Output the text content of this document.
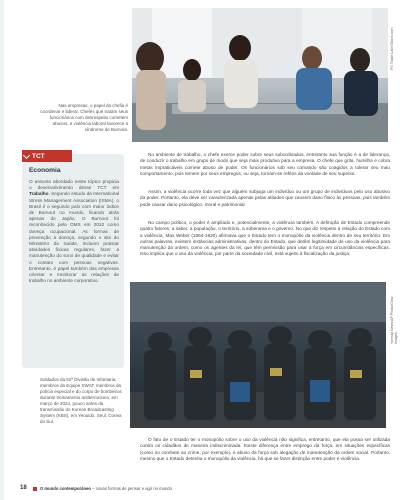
FG Trade Latin/iStock.com

Nas empresas, o papel da chefia é coordenar e liderar. Chefes que tratam seus funcionários com desrespeito cometem abusos, e violência laboral favorece a síndrome de Burnout.

TCT
Economia

O assunto abordado neste tópico propicia o desenvolvimento desse TCT em Trabalho. Segundo estudo da International Stress Management Association (ISMA), o Brasil é o segundo país com maior índice de Burnout no mundo, ficando atrás apenas do Japão. O Burnout foi reconhecido pela OMS em 2022 como doença ocupacional. As formas de prevenção à doença, segundo o site do Ministério da Saúde, incluem praticar atividades físicas regulares, fazer a manutenção do sono de qualidade e evitar o contato com pessoas negativas. Entretanto, é papel também das empresas orientar e monitorar as relações de trabalho no ambiente corporativo.

No ambiente de trabalho, o chefe exerce poder sobre seus subordinados, entretanto sua função é a de liderança, de conduzir o trabalho em grupo de modo que seja mais produtivo para a empresa. O chefe que grita, humilha e cobra metas impraticáveis comete abuso de poder. Os funcionários sob seu comando são coagidos a tolerar seu mau comportamento, pois temem por seus empregos, ou seja, tornam-se reféns da vontade de seu superior.

Assim, a violência ocorre toda vez que alguém subjuga um indivíduo ou um grupo de indivíduos pelo uso abusivo do poder. Portanto, ela deve ser caracterizada apenas pelas atitudes que causem dano físico às pessoas, pois também pode causar dano psicológico, moral e patrimonial.

No campo político, o poder é ampliado e, potencialmente, a violência também. A definição de Estado compreende quatro fatores: a saber, a população, o território, a soberania e o governo. No que diz respeito à relação do Estado com a violência, Max Weber (1864-1920) afirmava que o Estado tem o monopólio da violência dentro de seu território. Em outras palavras, existem instâncias administrativas, dentro do Estado, que detêm legitimidade de uso da violência para manutenção da ordem, como os agentes da lei, que têm permissão para usar a força em circunstâncias específicas. Isso implica que o uso da violência, por parte da sociedade civil, está sujeito à fiscalização da justiça.

Yonhap News/AP Photo/Glow Images

Soldados da 52ª Divisão de Infantaria, membros da Equipe SWAT, membros da polícia especial e do corpo de bombeiros durante treinamento antiterrorismo, em março de 2024, pouco antes da transmissão do Korean Broadcasting System (KBS), em Yeouido, Seul, Coreia do Sul.

O fato de o Estado ter o monopólio sobre o uso da violência não significa, entretanto, que ela possa ser utilizada contra os cidadãos de maneira indiscriminada. Existe diferença entre emprego da força, em situações específicas (como no combate ao crime, por exemplo), e abuso da força sob alegação de manutenção da ordem social. Portanto, mesmo que o Estado detenha o monopólio da violência, há que se fazer distinção entre poder e violência.

18	O mundo contemporâneo – novas formas de pensar e agir no mundo
